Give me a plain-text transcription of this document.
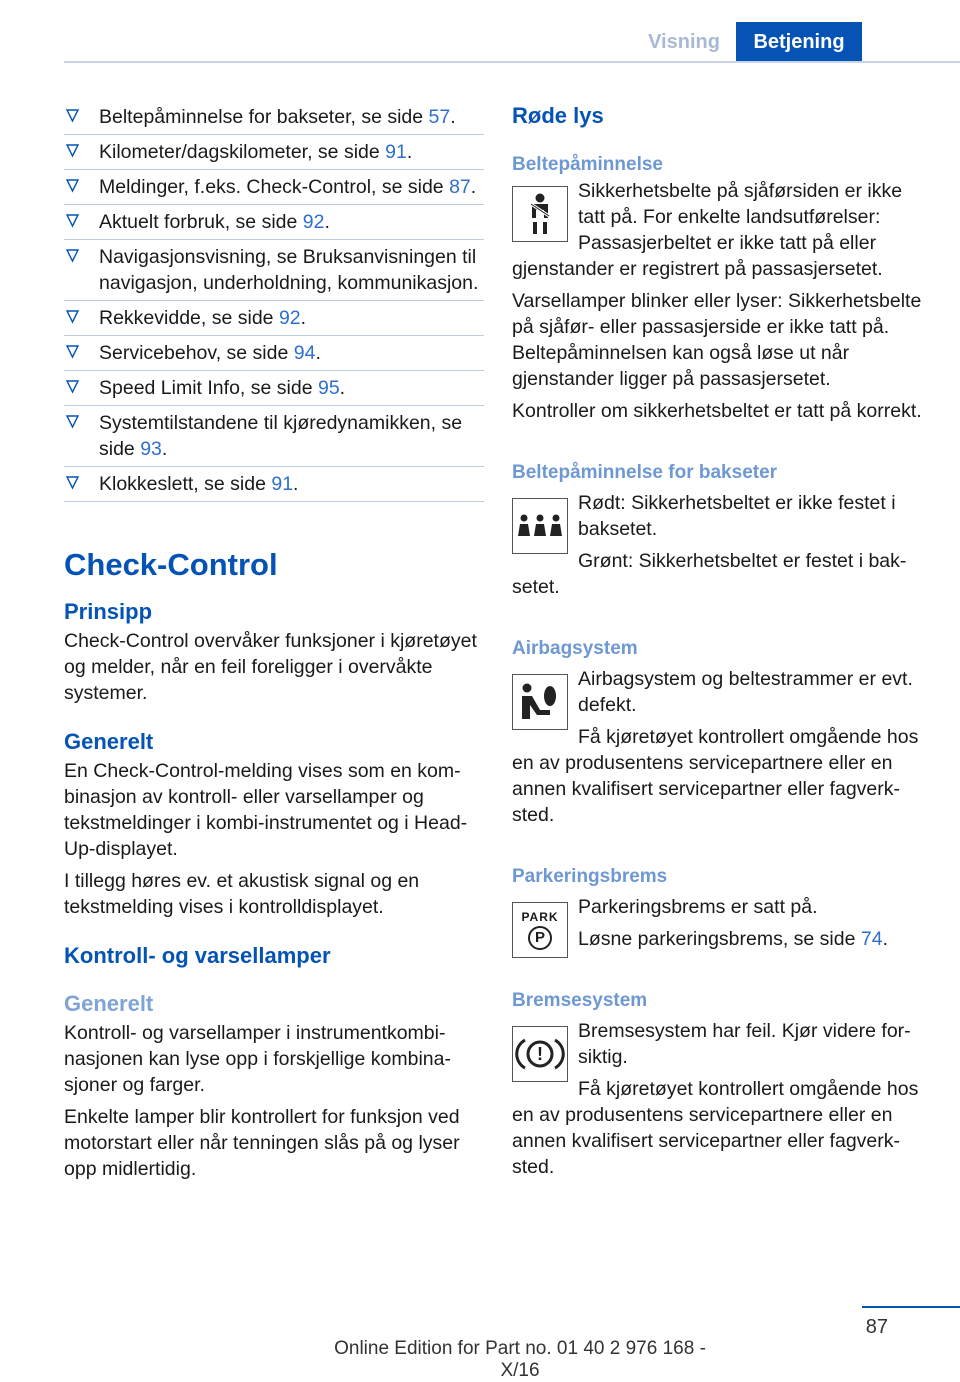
Visning	Betjening
Beltepåminnelse for bakseter, se side 57.
Kilometer/dagskilometer, se side 91.
Meldinger, f.eks. Check-Control, se side 87.
Aktuelt forbruk, se side 92.
Navigasjonsvisning, se Bruksanvisningen til navigasjon, underholdning, kommunikasjon.
Rekkevidde, se side 92.
Servicebehov, se side 94.
Speed Limit Info, se side 95.
Systemtilstandene til kjøredynamikken, se side 93.
Klokkeslett, se side 91.
Check-Control
Prinsipp
Check-Control overvåker funksjoner i kjøretøyet og melder, når en feil foreligger i overvåkte systemer.
Generelt
En Check-Control-melding vises som en kombinasjon av kontroll- eller varsellamper og tekstmeldinger i kombi-instrumentet og i Head-Up-displayet.
I tillegg høres ev. et akustisk signal og en tekstmelding vises i kontrolldisplayet.
Kontroll- og varsellamper
Generelt
Kontroll- og varsellamper i instrumentkombinasjonen kan lyse opp i forskjellige kombinasjoner og farger.
Enkelte lamper blir kontrollert for funksjon ved motorstart eller når tenningen slås på og lyser opp midlertidig.
Røde lys
Beltepåminnelse
Sikkerhetsbelte på sjåførsiden er ikke tatt på. For enkelte landsutførelser: Passasjerbeltet er ikke tatt på eller gjenstander er registrert på passasjersetet.
Varsellamper blinker eller lyser: Sikkerhetsbelte på sjåfør- eller passasjerside er ikke tatt på. Beltepåminnelsen kan også løse ut når gjenstander ligger på passasjersetet.
Kontroller om sikkerhetsbeltet er tatt på korrekt.
Beltepåminnelse for bakseter
Rødt: Sikkerhetsbeltet er ikke festet i baksetet.
Grønt: Sikkerhetsbeltet er festet i baksetet.
Airbagsystem
Airbagsystem og beltestrammer er evt. defekt.
Få kjøretøyet kontrollert omgående hos en av produsentens servicepartnere eller en annen kvalifisert servicepartner eller fagverksted.
Parkeringsbrems
PARK
P
Parkeringsbrems er satt på.
Løsne parkeringsbrems, se side 74.
Bremsesystem
!
Bremsesystem har feil. Kjør videre forsiktig.
Få kjøretøyet kontrollert omgående hos en av produsentens servicepartnere eller en annen kvalifisert servicepartner eller fagverksted.
87
Online Edition for Part no. 01 40 2 976 168 - X/16
